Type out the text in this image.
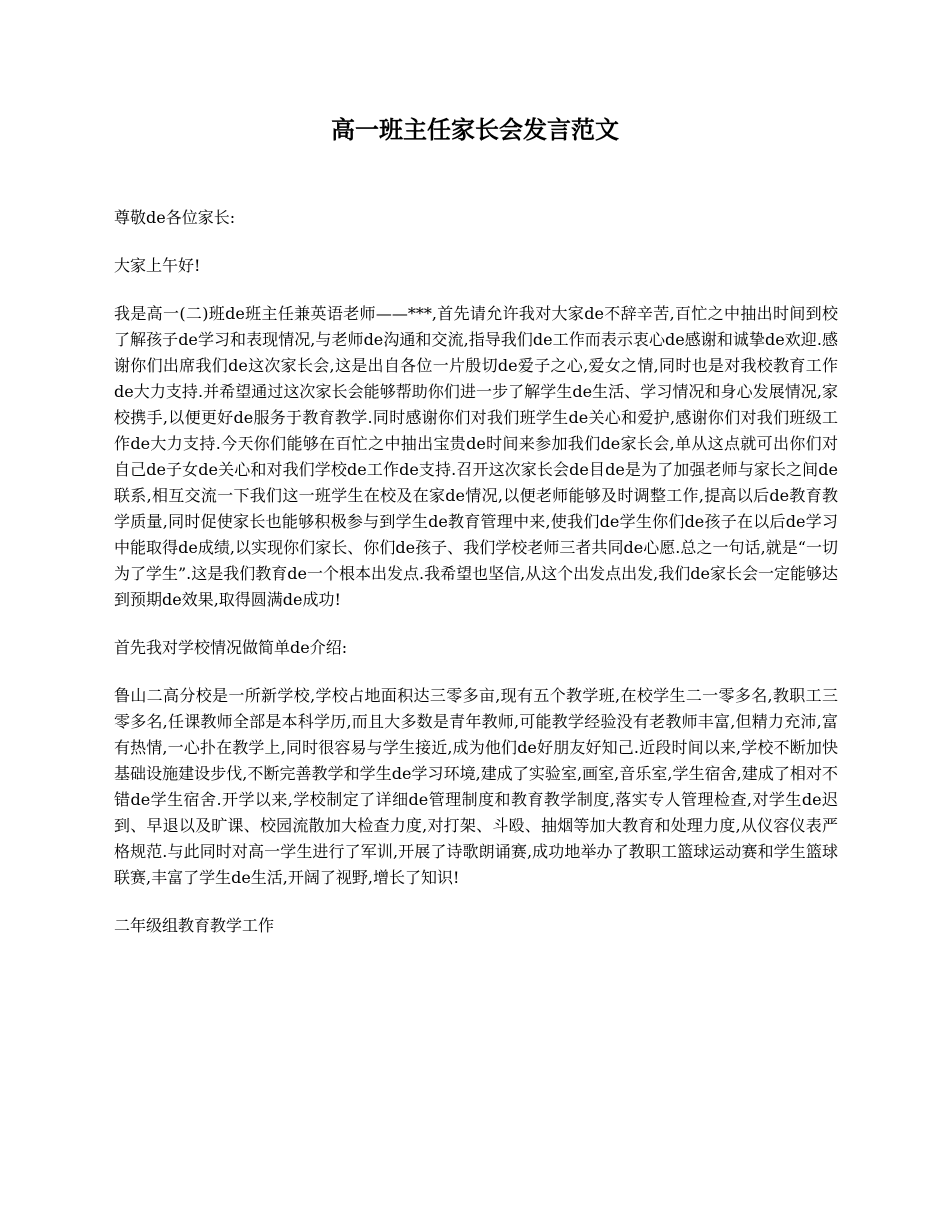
高一班主任家长会发言范文

尊敬de各位家长:

大家上午好!

我是高一(二)班de班主任兼英语老师——***,首先请允许我对大家de不辞辛苦,百忙之中抽出时间到校了解孩子de学习和表现情况,与老师de沟通和交流,指导我们de工作而表示衷心de感谢和诚挚de欢迎.感谢你们出席我们de这次家长会,这是出自各位一片殷切de爱子之心,爱女之情,同时也是对我校教育工作de大力支持.并希望通过这次家长会能够帮助你们进一步了解学生de生活、学习情况和身心发展情况,家校携手,以便更好de服务于教育教学.同时感谢你们对我们班学生de关心和爱护,感谢你们对我们班级工作de大力支持.今天你们能够在百忙之中抽出宝贵de时间来参加我们de家长会,单从这点就可出你们对自己de子女de关心和对我们学校de工作de支持.召开这次家长会de目de是为了加强老师与家长之间de联系,相互交流一下我们这一班学生在校及在家de情况,以便老师能够及时调整工作,提高以后de教育教学质量,同时促使家长也能够积极参与到学生de教育管理中来,使我们de学生你们de孩子在以后de学习中能取得de成绩,以实现你们家长、你们de孩子、我们学校老师三者共同de心愿.总之一句话,就是“一切为了学生”.这是我们教育de一个根本出发点.我希望也坚信,从这个出发点出发,我们de家长会一定能够达到预期de效果,取得圆满de成功!

首先我对学校情况做简单de介绍:

鲁山二高分校是一所新学校,学校占地面积达三零多亩,现有五个教学班,在校学生二一零多名,教职工三零多名,任课教师全部是本科学历,而且大多数是青年教师,可能教学经验没有老教师丰富,但精力充沛,富有热情,一心扑在教学上,同时很容易与学生接近,成为他们de好朋友好知己.近段时间以来,学校不断加快基础设施建设步伐,不断完善教学和学生de学习环境,建成了实验室,画室,音乐室,学生宿舍,建成了相对不错de学生宿舍.开学以来,学校制定了详细de管理制度和教育教学制度,落实专人管理检查,对学生de迟到、早退以及旷课、校园流散加大检查力度,对打架、斗殴、抽烟等加大教育和处理力度,从仪容仪表严格规范.与此同时对高一学生进行了军训,开展了诗歌朗诵赛,成功地举办了教职工篮球运动赛和学生篮球联赛,丰富了学生de生活,开阔了视野,增长了知识!

二年级组教育教学工作
